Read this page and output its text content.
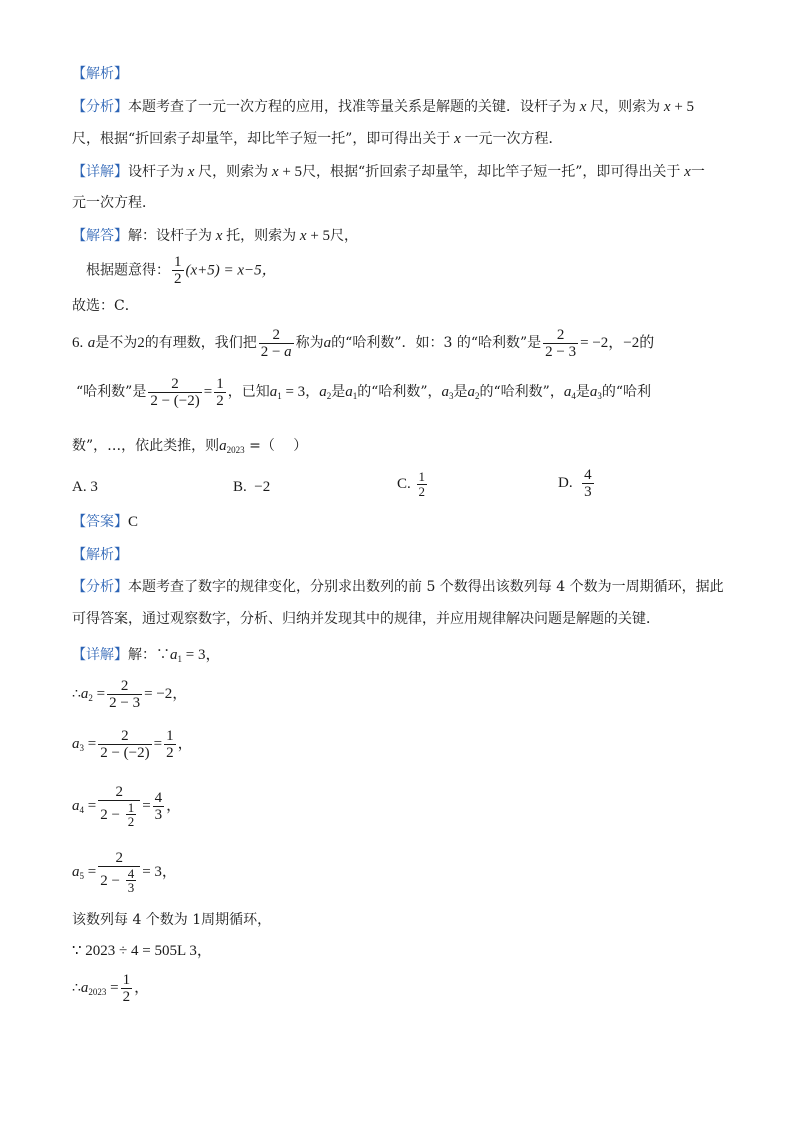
【解析】
【分析】本题考查了一元一次方程的应用，找准等量关系是解题的关键．设杆子为 x 尺，则索为 x + 5
尺，根据“折回索子却量竿，却比竿子短一托”，即可得出关于 x 一元一次方程．
【详解】设杆子为 x 尺，则索为 x + 5尺，根据“折回索子却量竿，却比竿子短一托”，即可得出关于 x一
元一次方程．
【解答】解：设杆子为 x 托，则索为 x + 5尺，
根据题意得： $\frac{1}{2} (x+5) = x-5$，
故选：C．
6. a是不为2的有理数，我们把 $\frac{2}{2 - a}$ 称为a的“哈利数”．如：3 的“哈利数”是 $\frac{2}{2 - 3} = -2$，−2的
“哈利数”是 $\frac{2}{2 - (-2)} = \frac{1}{2}$ ，已知$a_1 = 3$，$a_2$是$a_1$的“哈利数”，$a_3$是$a_2$的“哈利数”，$a_4$是$a_3$的“哈利
数”，…，依此类推，则$a_{2023}$ =（　 ）
A. 3	B. −2	C. $\frac{1}{2}$	D. $\frac{4}{3}$
【答案】C
【解析】
【分析】本题考查了数字的规律变化，分别求出数列的前 5 个数得出该数列每 4 个数为一周期循环，据此
可得答案，通过观察数字，分析、归纳并发现其中的规律，并应用规律解决问题是解题的关键．
【详解】解：$\because a_1 = 3$，
$\therefore a_2 = \frac{2}{2 - 3} = -2$，
$a_3 = \frac{2}{2 - (-2)} = \frac{1}{2}$ ，
$a_4 = \frac{2}{2 - \frac{1}{2}} = \frac{4}{3}$ ，
$a_5 = \frac{2}{2 - \frac{4}{3}} = 3$，
该数列每 4 个数为 1周期循环，
∵ 2023 ÷ 4 = 505L 3，
$\therefore a_{2023} = \frac{1}{2}$ ，
